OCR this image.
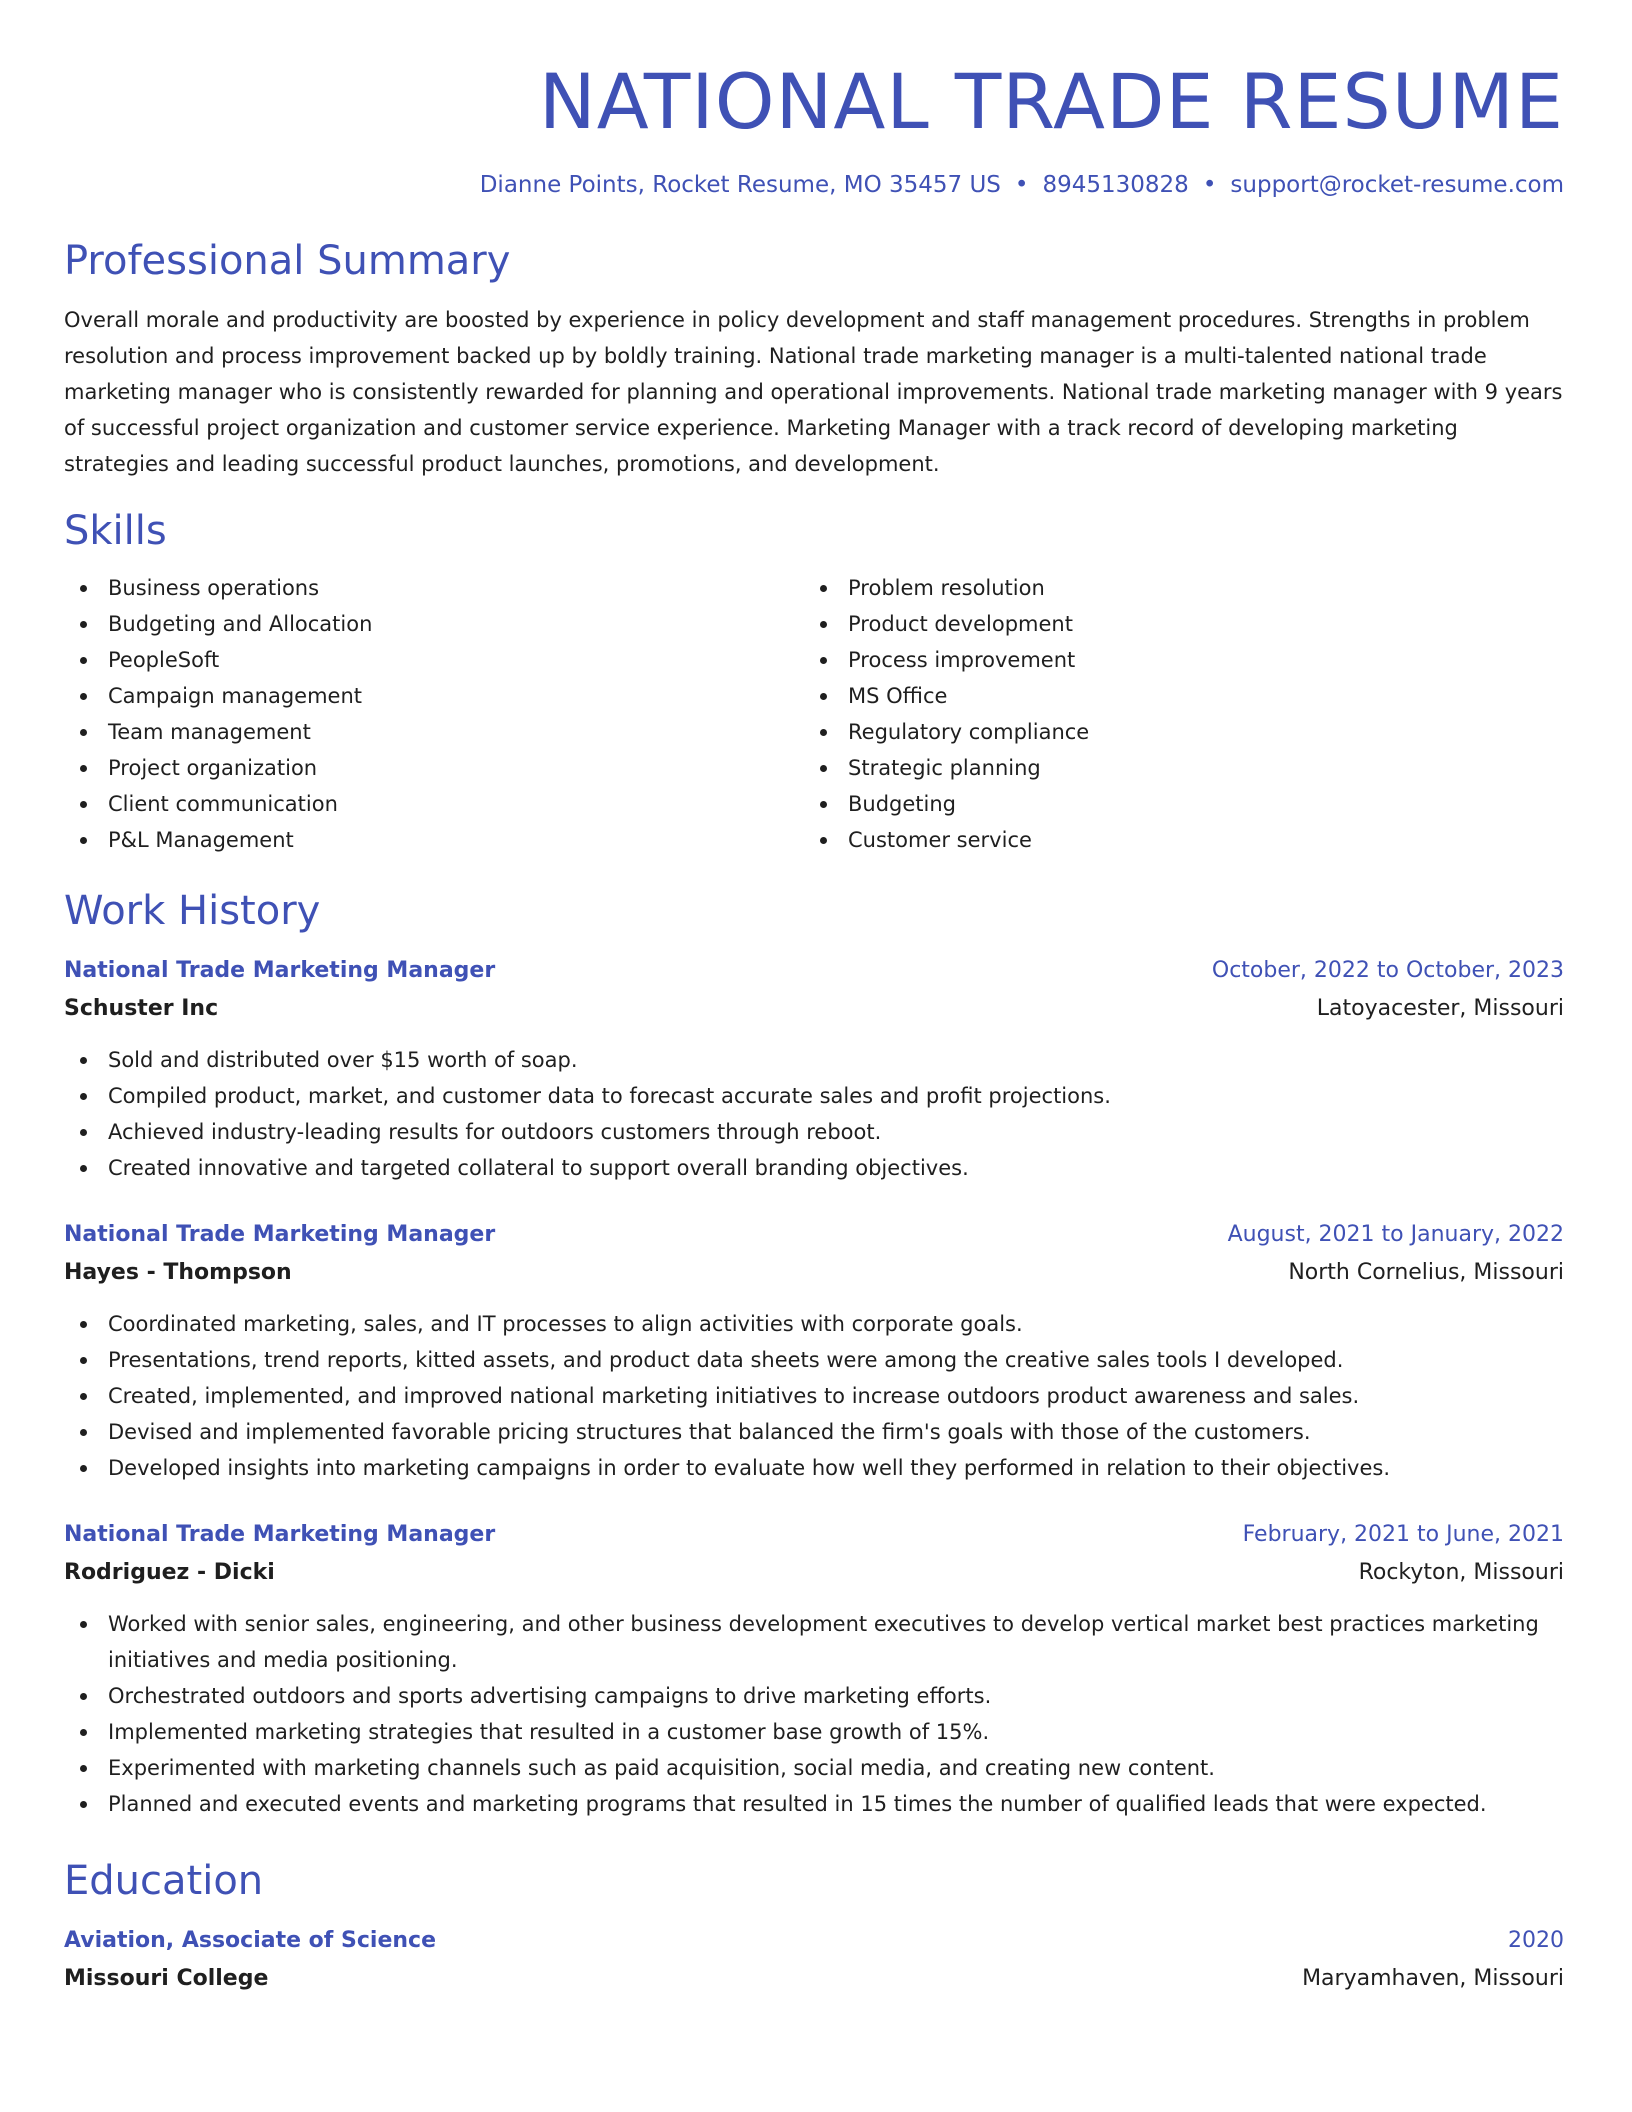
NATIONAL TRADE RESUME
Dianne Points, Rocket Resume, MO 35457 US • 8945130828 • support@rocket-resume.com
Professional Summary
Overall morale and productivity are boosted by experience in policy development and staff management procedures. Strengths in problem resolution and process improvement backed up by boldly training. National trade marketing manager is a multi-talented national trade marketing manager who is consistently rewarded for planning and operational improvements. National trade marketing manager with 9 years of successful project organization and customer service experience. Marketing Manager with a track record of developing marketing strategies and leading successful product launches, promotions, and development.
Skills
Business operations
Budgeting and Allocation
PeopleSoft
Campaign management
Team management
Project organization
Client communication
P&L Management
Problem resolution
Product development
Process improvement
MS Office
Regulatory compliance
Strategic planning
Budgeting
Customer service
Work History
National Trade Marketing Manager	October, 2022 to October, 2023
Schuster Inc	Latoyacester, Missouri
Sold and distributed over $15 worth of soap.
Compiled product, market, and customer data to forecast accurate sales and profit projections.
Achieved industry-leading results for outdoors customers through reboot.
Created innovative and targeted collateral to support overall branding objectives.
National Trade Marketing Manager	August, 2021 to January, 2022
Hayes - Thompson	North Cornelius, Missouri
Coordinated marketing, sales, and IT processes to align activities with corporate goals.
Presentations, trend reports, kitted assets, and product data sheets were among the creative sales tools I developed.
Created, implemented, and improved national marketing initiatives to increase outdoors product awareness and sales.
Devised and implemented favorable pricing structures that balanced the firm's goals with those of the customers.
Developed insights into marketing campaigns in order to evaluate how well they performed in relation to their objectives.
National Trade Marketing Manager	February, 2021 to June, 2021
Rodriguez - Dicki	Rockyton, Missouri
Worked with senior sales, engineering, and other business development executives to develop vertical market best practices marketing initiatives and media positioning.
Orchestrated outdoors and sports advertising campaigns to drive marketing efforts.
Implemented marketing strategies that resulted in a customer base growth of 15%.
Experimented with marketing channels such as paid acquisition, social media, and creating new content.
Planned and executed events and marketing programs that resulted in 15 times the number of qualified leads that were expected.
Education
Aviation, Associate of Science	2020
Missouri College	Maryamhaven, Missouri
